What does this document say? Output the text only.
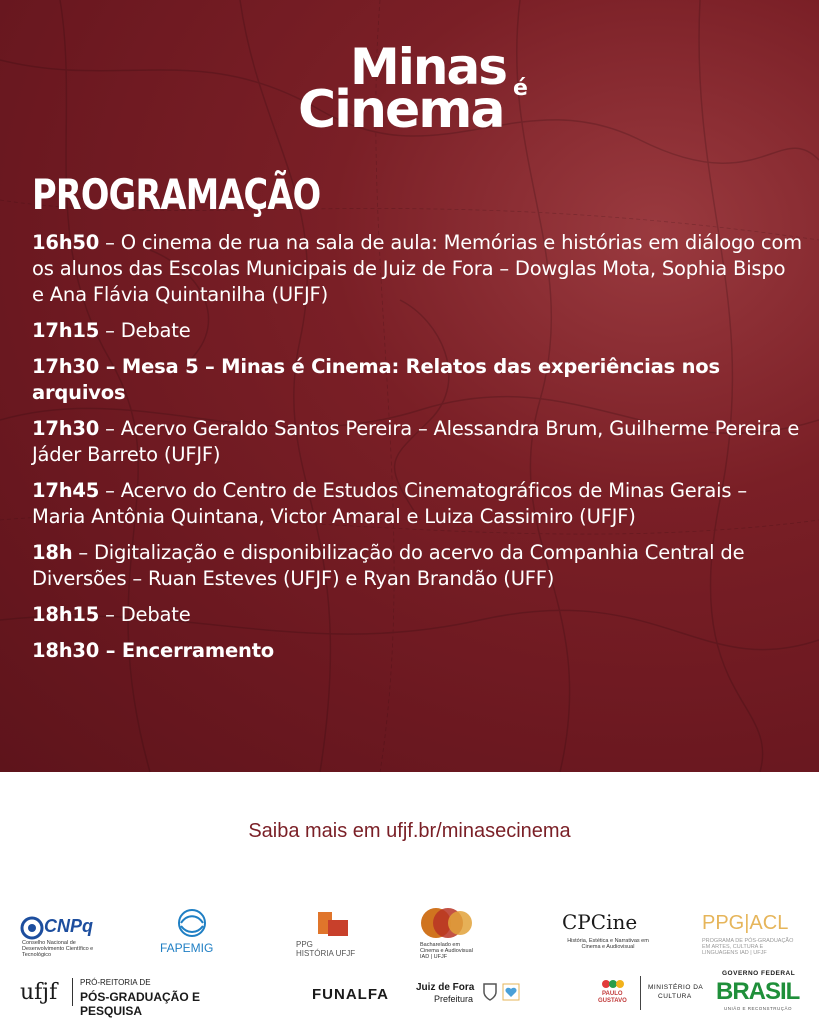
Minas
Cinema é
PROGRAMAÇÃO

16h50 – O cinema de rua na sala de aula: Memórias e histórias em diálogo com os alunos das Escolas Municipais de Juiz de Fora – Dowglas Mota, Sophia Bispo e Ana Flávia Quintanilha (UFJF)

17h15 – Debate

17h30 – Mesa 5 – Minas é Cinema: Relatos das experiências nos arquivos

17h30 – Acervo Geraldo Santos Pereira – Alessandra Brum, Guilherme Pereira e Jáder Barreto (UFJF)

17h45 – Acervo do Centro de Estudos Cinematográficos de Minas Gerais – Maria Antônia Quintana, Victor Amaral e Luiza Cassimiro (UFJF)

18h – Digitalização e disponibilização do acervo da Companhia Central de Diversões – Ruan Esteves (UFJF) e Ryan Brandão (UFF)

18h15 – Debate

18h30 – Encerramento

Saiba mais em ufjf.br/minasecinema
CNPq
Conselho Nacional de Desenvolvimento Científico e Tecnológico	FAPEMIG	PPG
HISTÓRIA UFJF
Bacharelado em Cinema e Audiovisual IAD | UFJF
CPCine
História, Estética e Narrativas em Cinema e Audiovisual
PPG|ACL
PROGRAMA DE PÓS-GRADUAÇÃO EM ARTES, CULTURA E LINGUAGENS IAD | UFJF
ufjf	PRÓ-REITORIA DE
PÓS-GRADUAÇÃO E PESQUISA
FUNALFA	Juiz de Fora
Prefeitura	PAULO
GUSTAVO
MINISTÉRIO DA
CULTURA
GOVERNO FEDERAL
BRASIL
UNIÃO E RECONSTRUÇÃO
